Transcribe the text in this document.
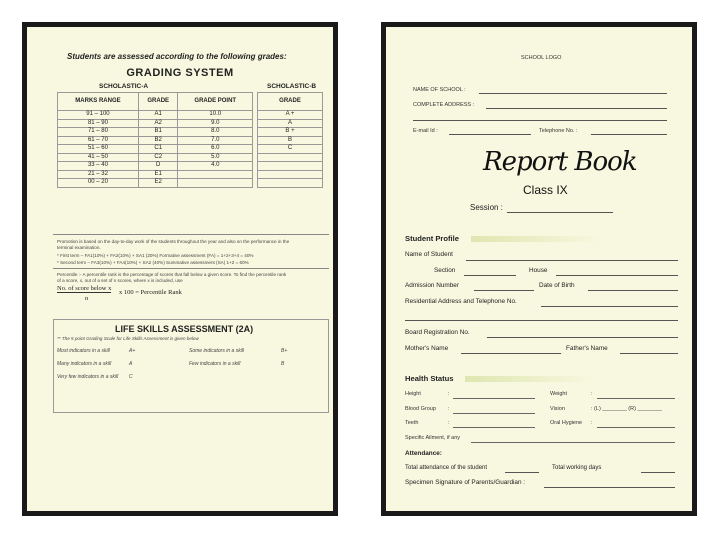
Students are assessed according to the following grades:
GRADING SYSTEM
SCHOLASTIC-A	SCHOLASTIC-B
MARKS RANGE	GRADE	GRADE POINT
91 – 100	A1	10.0
81 – 90	A2	9.0
71 – 80	B1	8.0
61 – 70	B2	7.0
51 – 60	C1	6.0
41 – 50	C2	5.0
33 – 40	D	4.0
21 – 32	E1	
00 – 20	E2	
GRADE
A +
A
B +
B
C

Promotion is based on the day-to-day work of the students throughout the year and also on the performance in the
terminal examination.
* First term – FA1(10%) + FA2(10%) + SA1 (20%) Formative assessment (FA) = 1+2+3+4 = 40%
* Second term – FA3(10%) + FA4(10%) + SA2 (40%) Summative assessment (SA) 1+2 = 60%
Percentile :- A percentile rank is the percentage of scores that fall below a given score. To find the percentile rank
of a score, x, out of a set of n scores, where x is included, use
No. of score below x
x 100 = Percentile Rank
n
LIFE SKILLS ASSESSMENT (2A)
** The 5 point Grading Scale for Life Skills Assessment is given below
Most indicators in a skill	A+	Some indicators in a skill	B+
Many indicators in a skill	A	Few indicators in a skill	B
Very few indicators in a skill C
SCHOOL LOGO
NAME OF SCHOOL :
COMPLETE ADDRESS :
E-mail Id :	Telephone No. :
Report Book
Class IX
Session :
Student Profile
Name of Student
Section	House
Admission Number	Date of Birth
Residential Address and Telephone No.
Board Registration No.
Mother's Name	Father's Name
Health Status
Height	:	Weight	:
Blood Group :	Vision	: (L) ________ (R) ________
Teeth	:	Oral Hygiene :
Specific Ailment, if any
Attendance:
Total attendance of the student	Total working days
Specimen Signature of Parents/Guardian :
